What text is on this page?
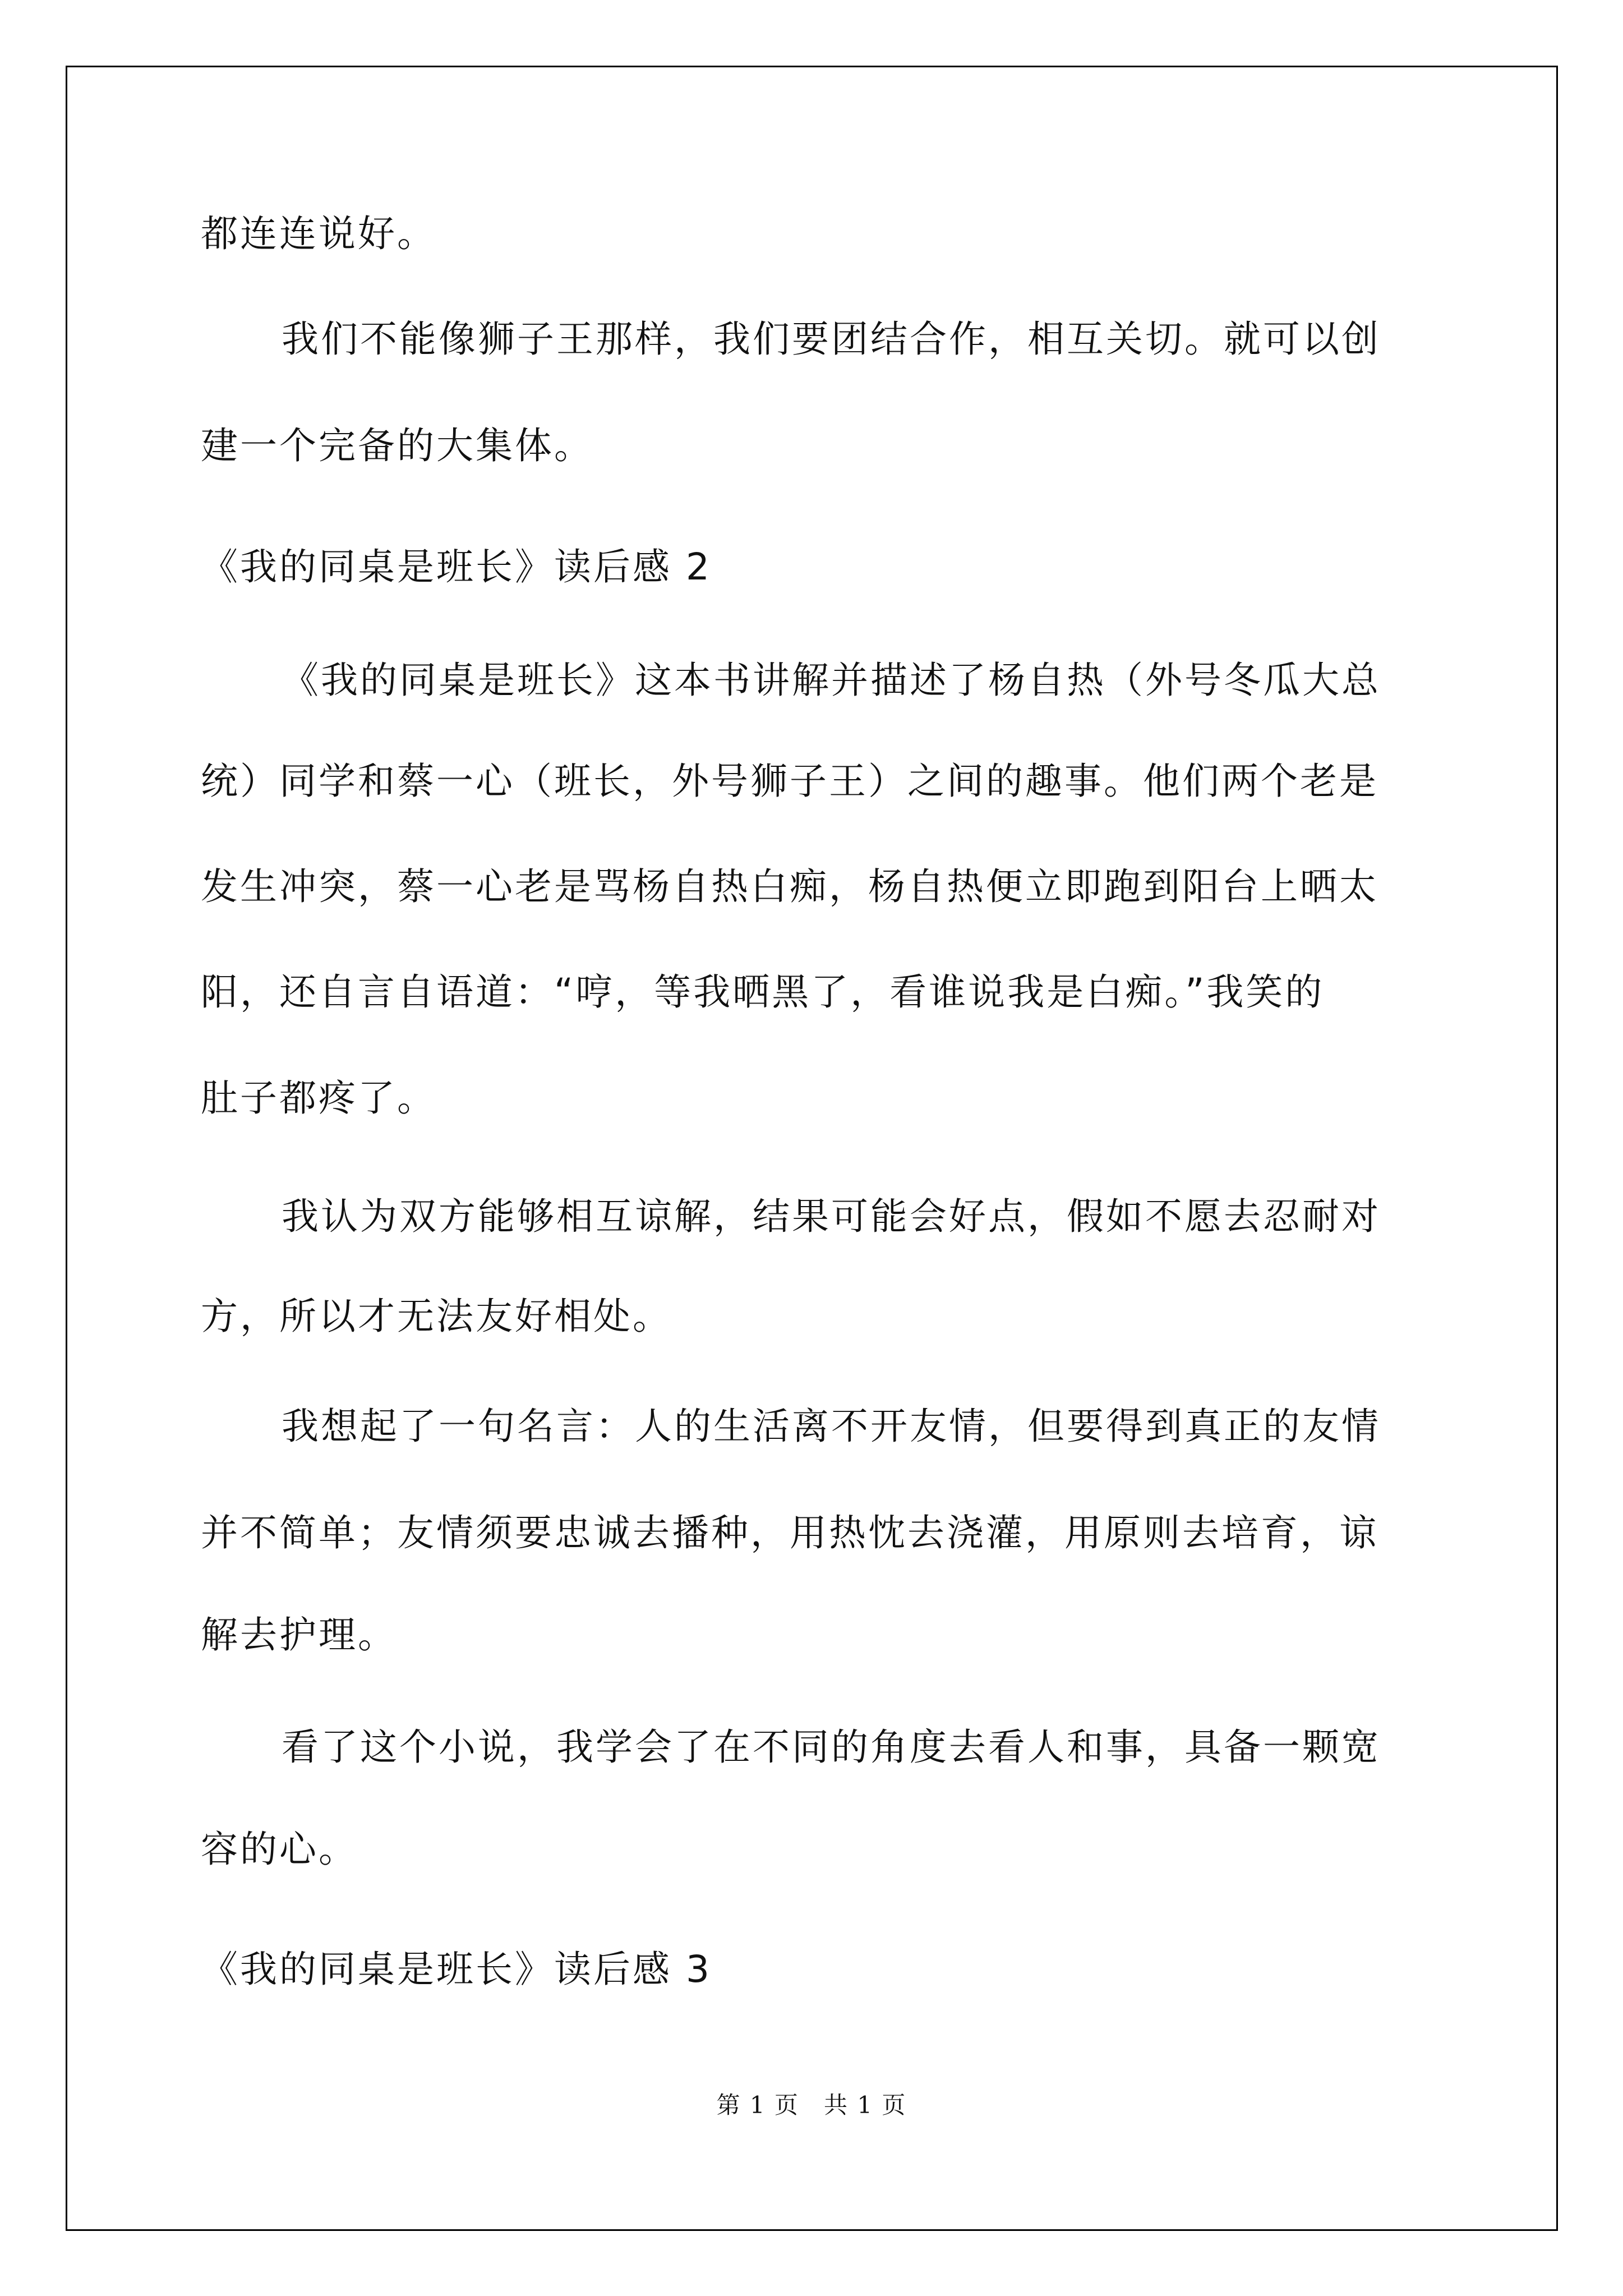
都连连说好。
我们不能像狮子王那样，我们要团结合作，相互关切。就可以创
建一个完备的大集体。
《我的同桌是班长》读后感 2
《我的同桌是班长》这本书讲解并描述了杨自热（外号冬瓜大总
统）同学和蔡一心（班长，外号狮子王）之间的趣事。他们两个老是
发生冲突，蔡一心老是骂杨自热白痴，杨自热便立即跑到阳台上晒太
阳，还自言自语道：“哼，等我晒黑了，看谁说我是白痴。”我笑的
肚子都疼了。
我认为双方能够相互谅解，结果可能会好点，假如不愿去忍耐对
方，所以才无法友好相处。
我想起了一句名言：人的生活离不开友情，但要得到真正的友情
并不简单；友情须要忠诚去播种，用热忱去浇灌，用原则去培育，谅
解去护理。
看了这个小说，我学会了在不同的角度去看人和事，具备一颗宽
容的心。
《我的同桌是班长》读后感 3
第 1 页　共 1 页
